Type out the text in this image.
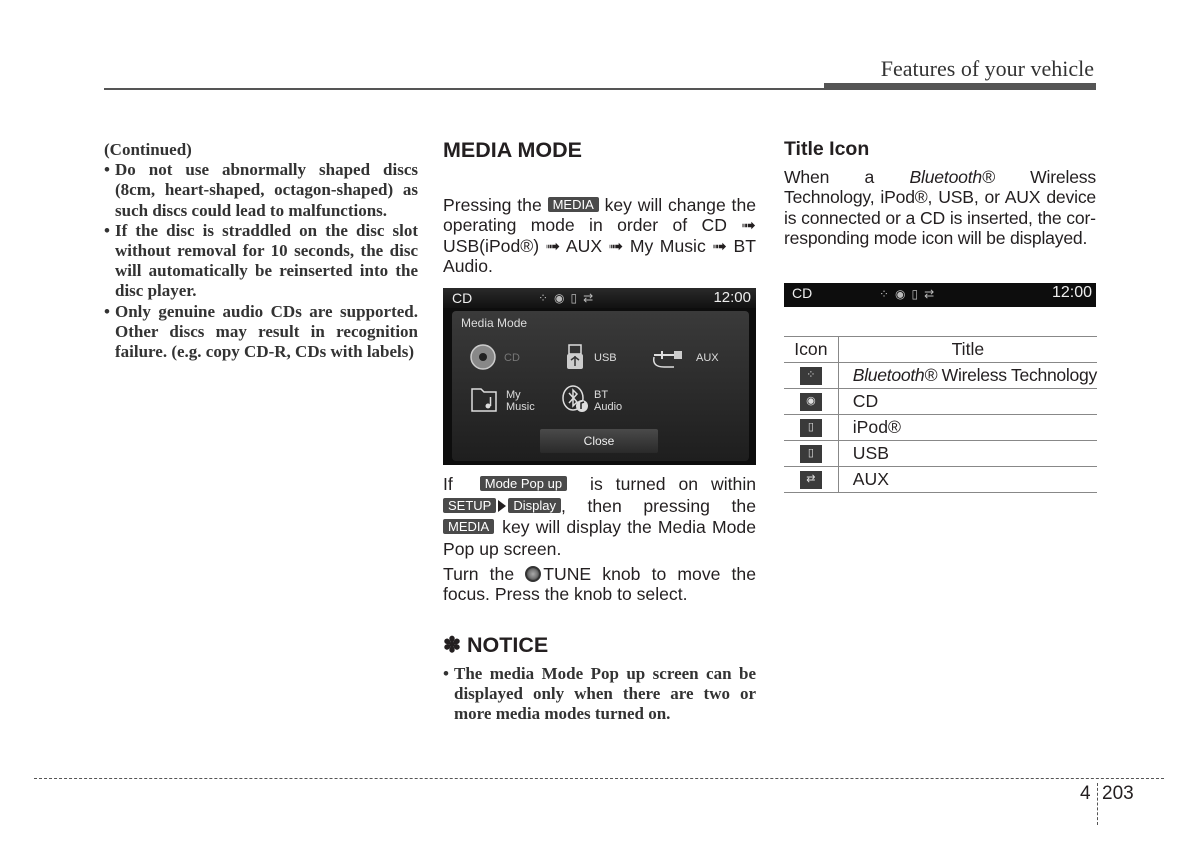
Features of your vehicle
(Continued)
• Do not use abnormally shaped discs (8cm, heart-shaped, octagon-shaped) as such discs could lead to malfunctions.
• If the disc is straddled on the disc slot without removal for 10 seconds, the disc will automatically be reinserted into the disc player.
• Only genuine audio CDs are supported. Other discs may result in recognition failure. (e.g. copy CD-R, CDs with labels)
MEDIA MODE

Pressing the MEDIA key will change the operating mode in order of CD ➟ USB(iPod®) ➟ AUX ➟ My Music ➟ BT Audio.

CD	⁘◉▯⇄	12:00
Media Mode
CD	USB	AUX
My
Music
BT
Audio
Close

If Mode Pop up is turned on within SETUP Display , then pressing the MEDIA key will display the Media Mode Pop up screen.

Turn the TUNE knob to move the focus. Press the knob to select.

✽ NOTICE
• The media Mode Pop up screen can be displayed only when there are two or more media modes turned on.
Title Icon

When a Bluetooth® Wireless Technology, iPod®, USB, or AUX device is connected or a CD is inserted, the corresponding mode icon will be displayed.

CD	⁘◉▯⇄	12:00
Icon	Title

⁘	Bluetooth® Wireless Technology

◉	CD

▯	iPod®

▯	USB

⇄	AUX
4 203
